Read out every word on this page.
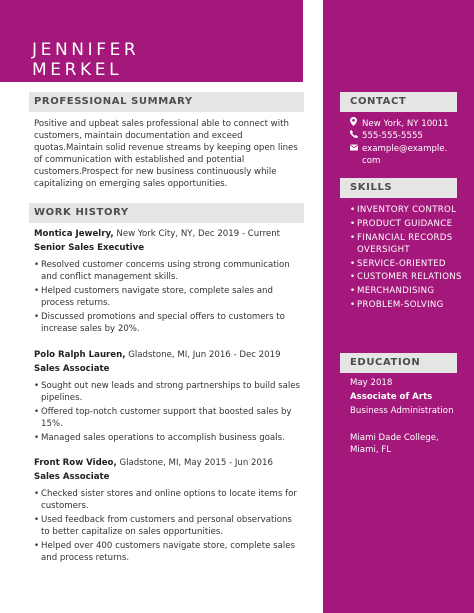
JENNIFER
MERKEL
PROFESSIONAL SUMMARY
Positive and upbeat sales professional able to connect with customers, maintain documentation and exceed quotas.Maintain solid revenue streams by keeping open lines of communication with established and potential customers.Prospect for new business continuously while capitalizing on emerging sales opportunities.
WORK HISTORY
Montica Jewelry, New York City, NY, Dec 2019 - Current
Senior Sales Executive
• Resolved customer concerns using strong communication and conflict management skills.
• Helped customers navigate store, complete sales and process returns.
• Discussed promotions and special offers to customers to increase sales by 20%.
Polo Ralph Lauren, Gladstone, MI, Jun 2016 - Dec 2019
Sales Associate
• Sought out new leads and strong partnerships to build sales pipelines.
• Offered top-notch customer support that boosted sales by 15%.
• Managed sales operations to accomplish business goals.
Front Row Video, Gladstone, MI, May 2015 - Jun 2016
Sales Associate
• Checked sister stores and online options to locate items for customers.
• Used feedback from customers and personal observations to better capitalize on sales opportunities.
• Helped over 400 customers navigate store, complete sales and process returns.
CONTACT
New York, NY 10011
555-555-5555
example@example.
com
SKILLS
• INVENTORY CONTROL
• PRODUCT GUIDANCE
• FINANCIAL RECORDS OVERSIGHT
• SERVICE-ORIENTED
• CUSTOMER RELATIONS
• MERCHANDISING
• PROBLEM-SOLVING
EDUCATION
May 2018
Associate of Arts
Business Administration
Miami Dade College, Miami, FL
